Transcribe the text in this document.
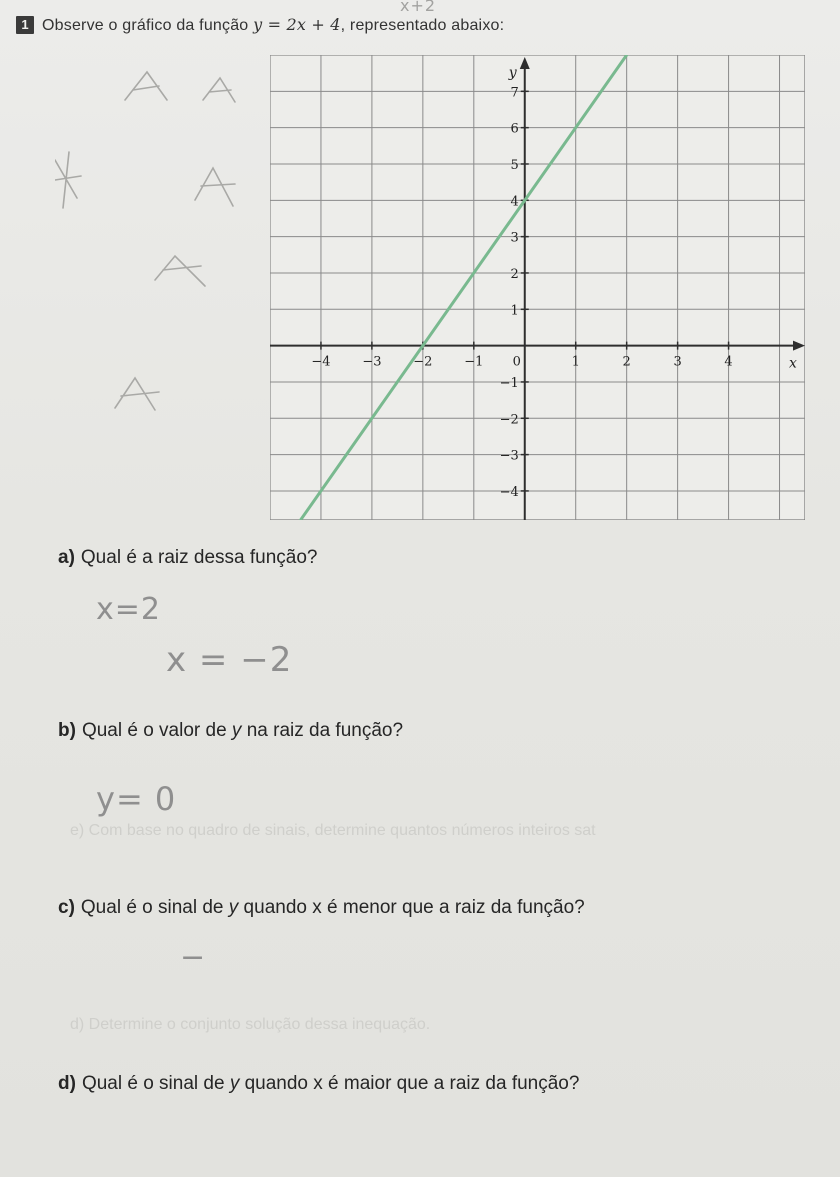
e) Com base no quadro de sinais, determine quantos números inteiros sat
d) Determine o conjunto solução dessa inequação.
1 Observe o gráfico da função y = 2x + 4, representado abaixo:
−4 −3 −2 −1	1	2	3	4
−4
−3
−2
−1
1
2
3
4
5
6
7
0	x
y
x+2
a) Qual é a raiz dessa função?
x=2
x = −2
b) Qual é o valor de y na raiz da função?
y= 0
c) Qual é o sinal de y quando x é menor que a raiz da função?
−
d) Qual é o sinal de y quando x é maior que a raiz da função?
